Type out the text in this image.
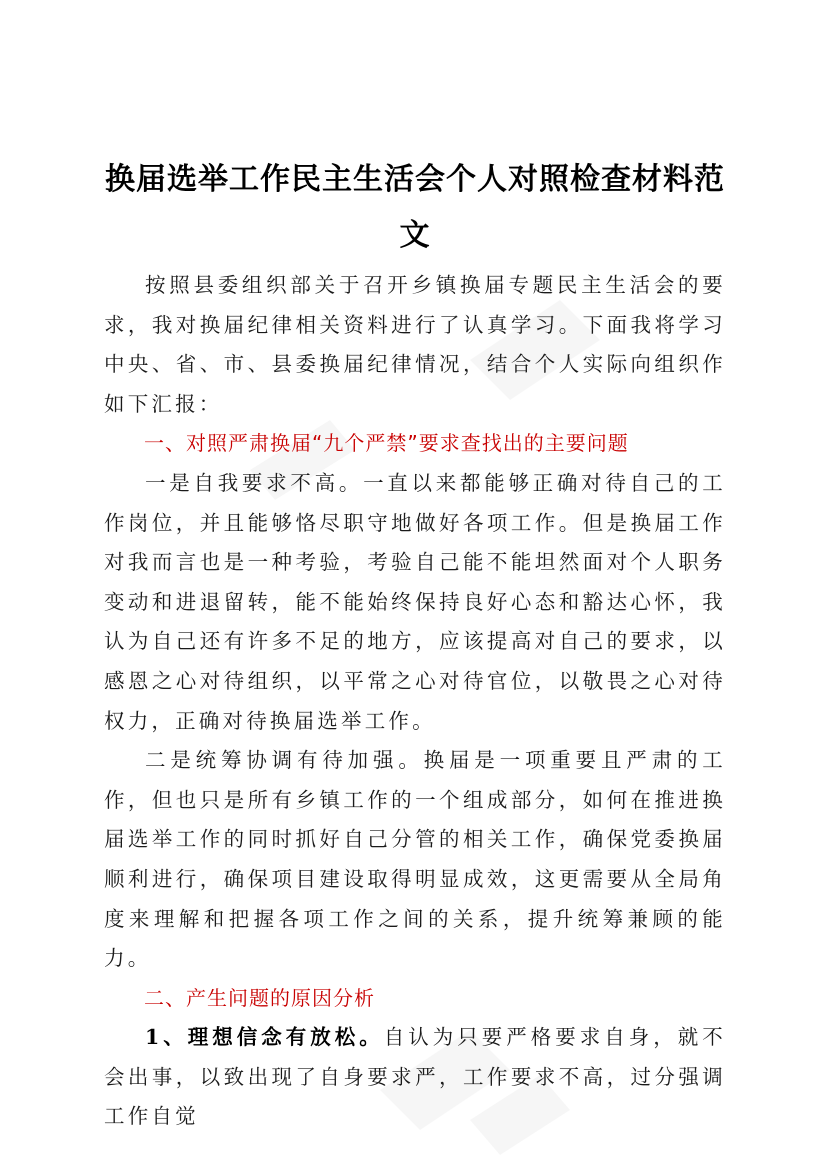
换届选举工作民主生活会个人对照检查材料范文

按照县委组织部关于召开乡镇换届专题民主生活会的要求，我对换届纪律相关资料进行了认真学习。下面我将学习中央、省、市、县委换届纪律情况，结合个人实际向组织作如下汇报：

一、对照严肃换届“九个严禁”要求查找出的主要问题

一是自我要求不高。一直以来都能够正确对待自己的工作岗位，并且能够恪尽职守地做好各项工作。但是换届工作对我而言也是一种考验，考验自己能不能坦然面对个人职务变动和进退留转，能不能始终保持良好心态和豁达心怀，我认为自己还有许多不足的地方，应该提高对自己的要求，以感恩之心对待组织，以平常之心对待官位，以敬畏之心对待权力，正确对待换届选举工作。

二是统筹协调有待加强。换届是一项重要且严肃的工作，但也只是所有乡镇工作的一个组成部分，如何在推进换届选举工作的同时抓好自己分管的相关工作，确保党委换届顺利进行，确保项目建设取得明显成效，这更需要从全局角度来理解和把握各项工作之间的关系，提升统筹兼顾的能力。

二、产生问题的原因分析

1、理想信念有放松。自认为只要严格要求自身，就不会出事，以致出现了自身要求严，工作要求不高，过分强调工作自觉
